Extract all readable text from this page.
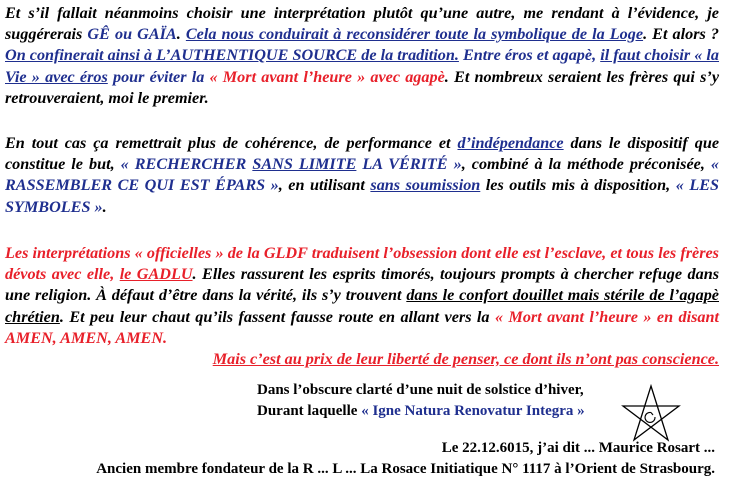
Et s’il fallait néanmoins choisir une interprétation plutôt qu’une autre, me rendant à l’évidence, je suggérerais GÊ ou GAÏA. Cela nous conduirait à reconsidérer toute la symbolique de la Loge. Et alors ? On confinerait ainsi à L’AUTHENTIQUE SOURCE de la tradition. Entre éros et agapè, il faut choisir « la Vie » avec éros pour éviter la « Mort avant l’heure » avec agapè. Et nombreux seraient les frères qui s’y retrouveraient, moi le premier.

En tout cas ça remettrait plus de cohérence, de performance et d’indépendance dans le dispositif que constitue le but, « RECHERCHER SANS LIMITE LA VÉRITÉ », combiné à la méthode préconisée, « RASSEMBLER CE QUI EST ÉPARS », en utilisant sans soumission les outils mis à disposition, « LES SYMBOLES ».

Les interprétations « officielles » de la GLDF traduisent l’obsession dont elle est l’esclave, et tous les frères dévots avec elle, le GADLU. Elles rassurent les esprits timorés, toujours prompts à chercher refuge dans une religion. À défaut d’être dans la vérité, ils s’y trouvent dans le confort douillet mais stérile de l’agapè chrétien. Et peu leur chaut qu’ils fassent fausse route en allant vers la « Mort avant l’heure » en disant AMEN, AMEN, AMEN.
Mais c’est au prix de leur liberté de penser, ce dont ils n’ont pas conscience.

Dans l’obscure clarté d’une nuit de solstice d’hiver,
Durant laquelle « Igne Natura Renovatur Integra »
Le 22.12.6015, j’ai dit ... Maurice Rosart ...
Ancien membre fondateur de la R ... L ... La Rosace Initiatique N° 1117 à l’Orient de Strasbourg.
